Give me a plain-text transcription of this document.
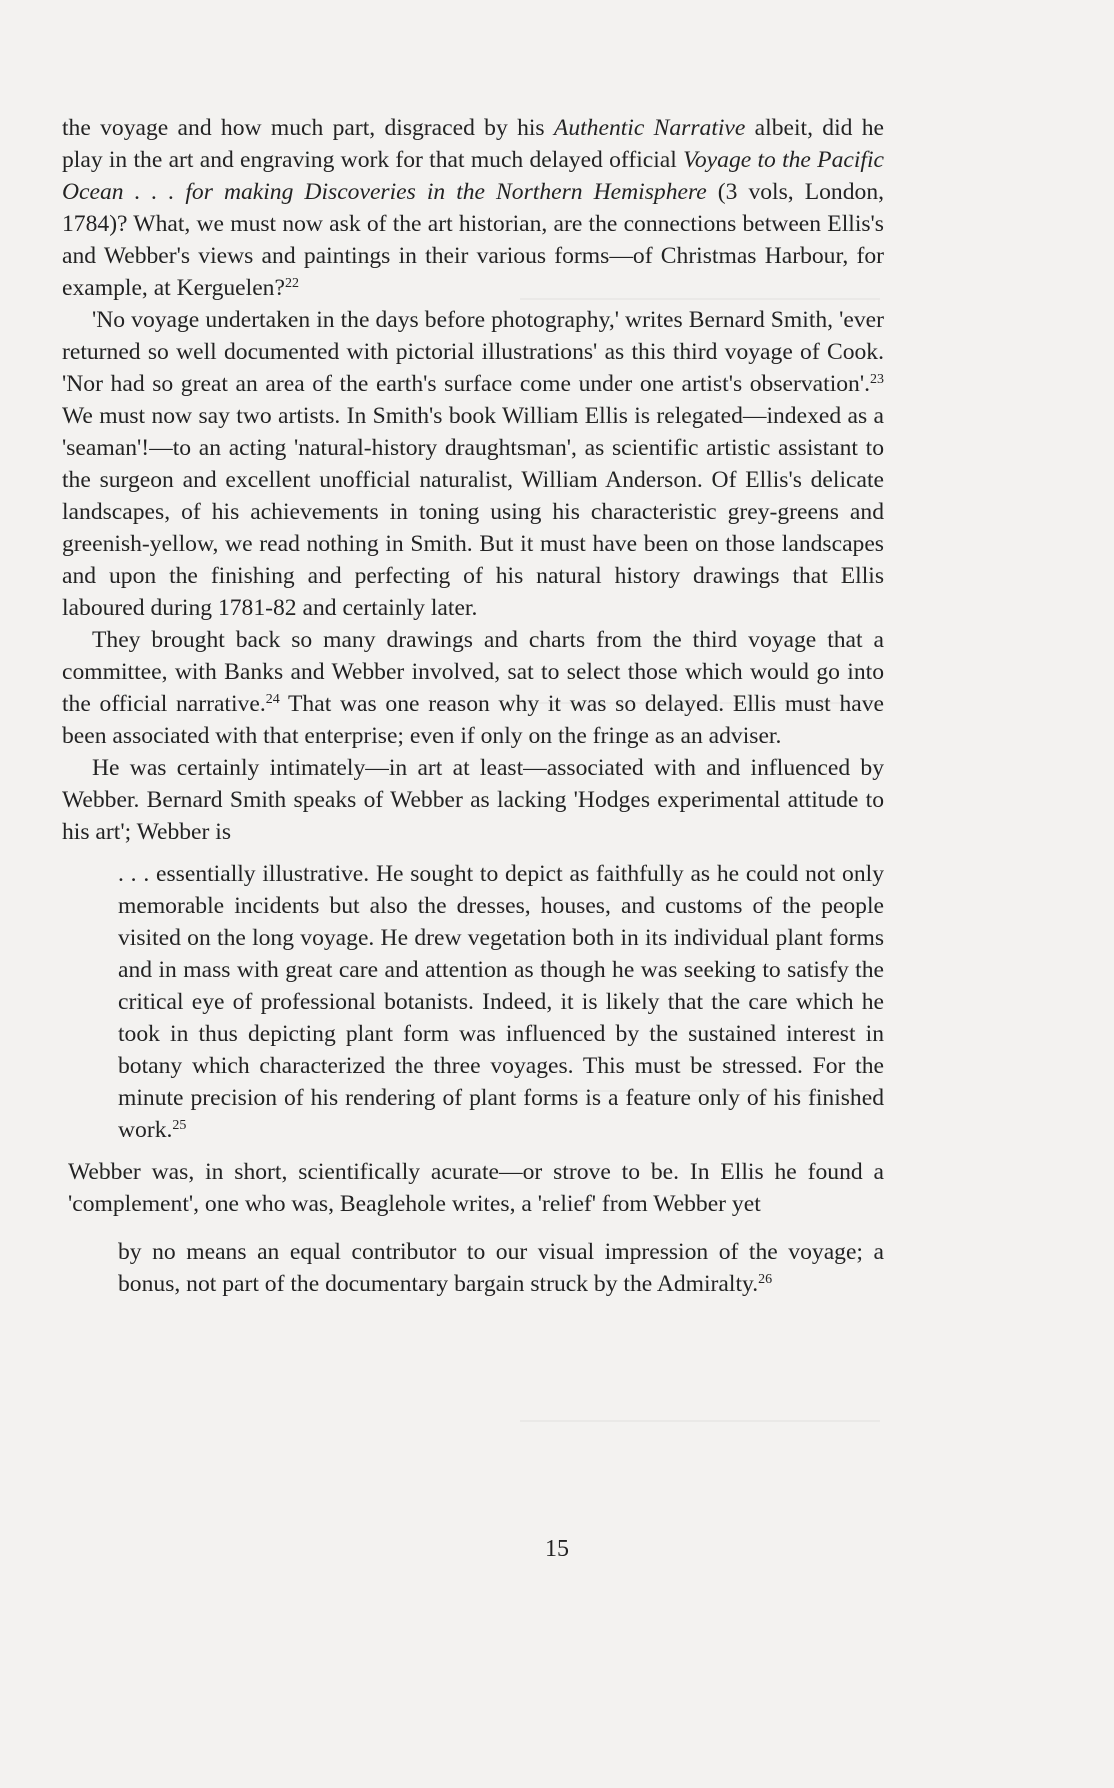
the voyage and how much part, disgraced by his Authentic Narrative albeit, did he play in the art and engraving work for that much delayed official Voyage to the Pacific Ocean . . . for making Discoveries in the Northern Hemisphere (3 vols, London, 1784)? What, we must now ask of the art historian, are the connections between Ellis's and Webber's views and paintings in their various forms—of Christmas Harbour, for example, at Kerguelen?$^{22}$

'No voyage undertaken in the days before photography,' writes Bernard Smith, 'ever returned so well documented with pictorial illustrations' as this third voyage of Cook. 'Nor had so great an area of the earth's surface come under one artist's observation'.$^{23}$ We must now say two artists. In Smith's book William Ellis is relegated—indexed as a 'seaman'!—to an acting 'natural-history draughtsman', as scientific artistic assistant to the surgeon and excellent unofficial naturalist, William Anderson. Of Ellis's delicate landscapes, of his achievements in toning using his characteristic grey-greens and greenish-yellow, we read nothing in Smith. But it must have been on those landscapes and upon the finishing and perfecting of his natural history drawings that Ellis laboured during 1781-82 and certainly later.

They brought back so many drawings and charts from the third voyage that a committee, with Banks and Webber involved, sat to select those which would go into the official narrative.$^{24}$ That was one reason why it was so delayed. Ellis must have been associated with that enterprise; even if only on the fringe as an adviser.

He was certainly intimately—in art at least—associated with and influenced by Webber. Bernard Smith speaks of Webber as lacking 'Hodges experimental attitude to his art'; Webber is

. . . essentially illustrative. He sought to depict as faithfully as he could not only memorable incidents but also the dresses, houses, and customs of the people visited on the long voyage. He drew vegetation both in its individual plant forms and in mass with great care and attention as though he was seeking to satisfy the critical eye of professional botanists. Indeed, it is likely that the care which he took in thus depicting plant form was influenced by the sustained interest in botany which characterized the three voyages. This must be stressed. For the minute precision of his rendering of plant forms is a feature only of his finished work.$^{25}$

Webber was, in short, scientifically acurate—or strove to be. In Ellis he found a 'complement', one who was, Beaglehole writes, a 'relief' from Webber yet

by no means an equal contributor to our visual impression of the voyage; a bonus, not part of the documentary bargain struck by the Admiralty.$^{26}$

15
